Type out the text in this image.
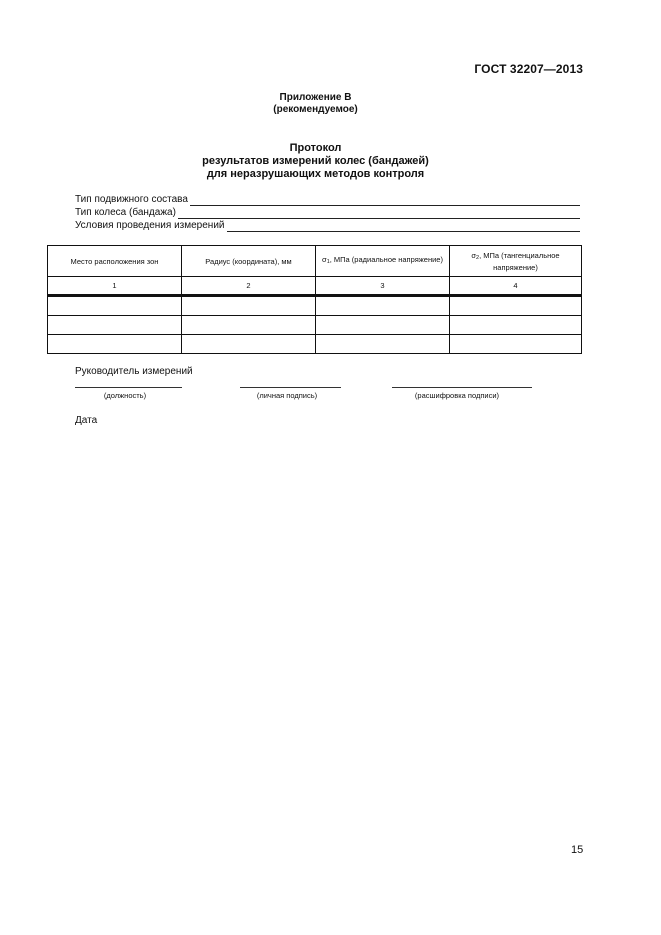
ГОСТ 32207—2013
Приложение В
(рекомендуемое)
Протокол
результатов измерений колес (бандажей)
для неразрушающих методов контроля
Тип подвижного состава
Тип колеса (бандажа)
Условия проведения измерений
Место расположения зон	Радиус (координата), мм	σ1, МПа (радиальное напряжение)	σ2, МПа (тангенциальное напряжение)
1	2	3	4

Руководитель измерений
(должность)	(личная подпись)	(расшифровка подписи)
Дата
15
